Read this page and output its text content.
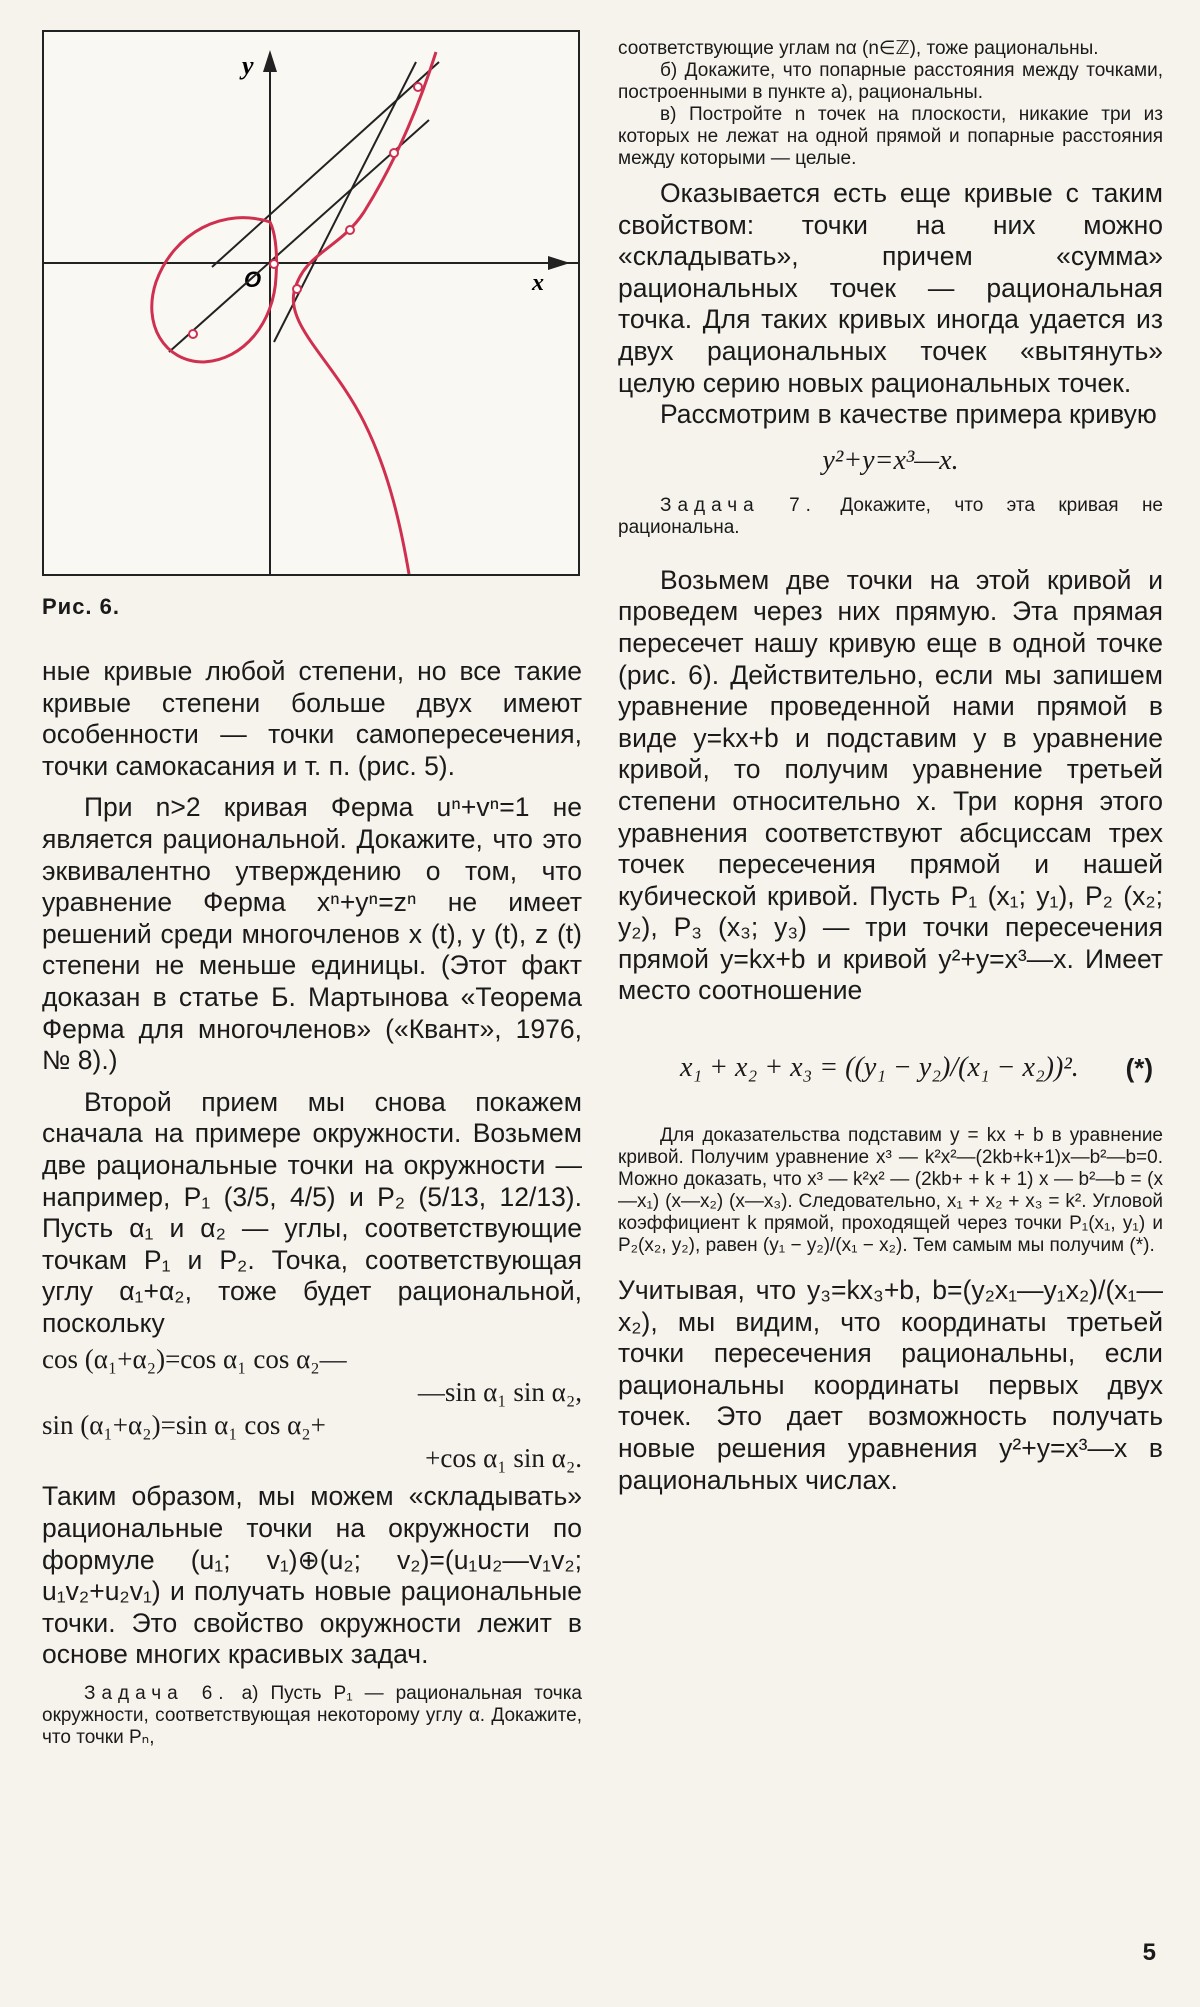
y
x
O
Рис. 6.

ные кривые любой степени, но все такие кривые степени больше двух имеют особенности — точки самопересечения, точки самокасания и т. п. (рис. 5).

При n>2 кривая Ферма uⁿ+vⁿ=1 не является рациональной. Докажите, что это эквивалентно утверждению о том, что уравнение Ферма xⁿ+yⁿ=zⁿ не имеет решений среди многочленов x (t), y (t), z (t) степени не меньше единицы. (Этот факт доказан в статье Б. Мартынова «Теорема Ферма для многочленов» («Квант», 1976, № 8).)

Второй прием мы снова покажем сначала на примере окружности. Возьмем две рациональные точки на окружности — например, P₁ (3/5, 4/5) и P₂ (5/13, 12/13). Пусть α₁ и α₂ — углы, соответствующие точкам P₁ и P₂. Точка, соответствующая углу α₁+α₂, тоже будет рациональной, поскольку

cos (α₁+α₂)=cos α₁ cos α₂—
—sin α₁ sin α₂,
sin (α₁+α₂)=sin α₁ cos α₂+
+cos α₁ sin α₂.

Таким образом, мы можем «складывать» рациональные точки на окружности по формуле (u₁; v₁)⊕(u₂; v₂)=(u₁u₂—v₁v₂; u₁v₂+u₂v₁) и получать новые рациональные точки. Это свойство окружности лежит в основе многих красивых задач.

Задача 6. а) Пусть P₁ — рациональная точка окружности, соответствующая некоторому углу α. Докажите, что точки Pₙ,

соответствующие углам nα (n∈ℤ), тоже рациональны.

б) Докажите, что попарные расстояния между точками, построенными в пункте а), рациональны.

в) Постройте n точек на плоскости, никакие три из которых не лежат на одной прямой и попарные расстояния между которыми — целые.

Оказывается есть еще кривые с таким свойством: точки на них можно «складывать», причем «сумма» рациональных точек — рациональная точка. Для таких кривых иногда удается из двух рациональных точек «вытянуть» целую серию новых рациональных точек.

Рассмотрим в качестве примера кривую

y²+y=x³—x.

Задача 7. Докажите, что эта кривая не рациональна.

Возьмем две точки на этой кривой и проведем через них прямую. Эта прямая пересечет нашу кривую еще в одной точке (рис. 6). Действительно, если мы запишем уравнение проведенной нами прямой в виде y=kx+b и подставим y в уравнение кривой, то получим уравнение третьей степени относительно x. Три корня этого уравнения соответствуют абсциссам трех точек пересечения прямой и нашей кубической кривой. Пусть P₁ (x₁; y₁), P₂ (x₂; y₂), P₃ (x₃; y₃) — три точки пересечения прямой y=kx+b и кривой y²+y=x³—x. Имеет место соотношение

x₁ + x₂ + x₃ = ((y₁ − y₂)/(x₁ − x₂))². (*)

Для доказательства подставим y = kx + b в уравнение кривой. Получим уравнение x³ — k²x²—(2kb+k+1)x—b²—b=0. Можно доказать, что x³ — k²x² — (2kb+ + k + 1) x — b²—b = (x—x₁) (x—x₂) (x—x₃). Следовательно, x₁ + x₂ + x₃ = k². Угловой коэффициент k прямой, проходящей через точки P₁(x₁, y₁) и P₂(x₂, y₂), равен (y₁ − y₂)/(x₁ − x₂). Тем самым мы получим (*).

Учитывая, что y₃=kx₃+b, b=(y₂x₁—y₁x₂)/(x₁—x₂), мы видим, что координаты третьей точки пересечения рациональны, если рациональны координаты первых двух точек. Это дает возможность получать новые решения уравнения y²+y=x³—x в рациональных числах.

5
